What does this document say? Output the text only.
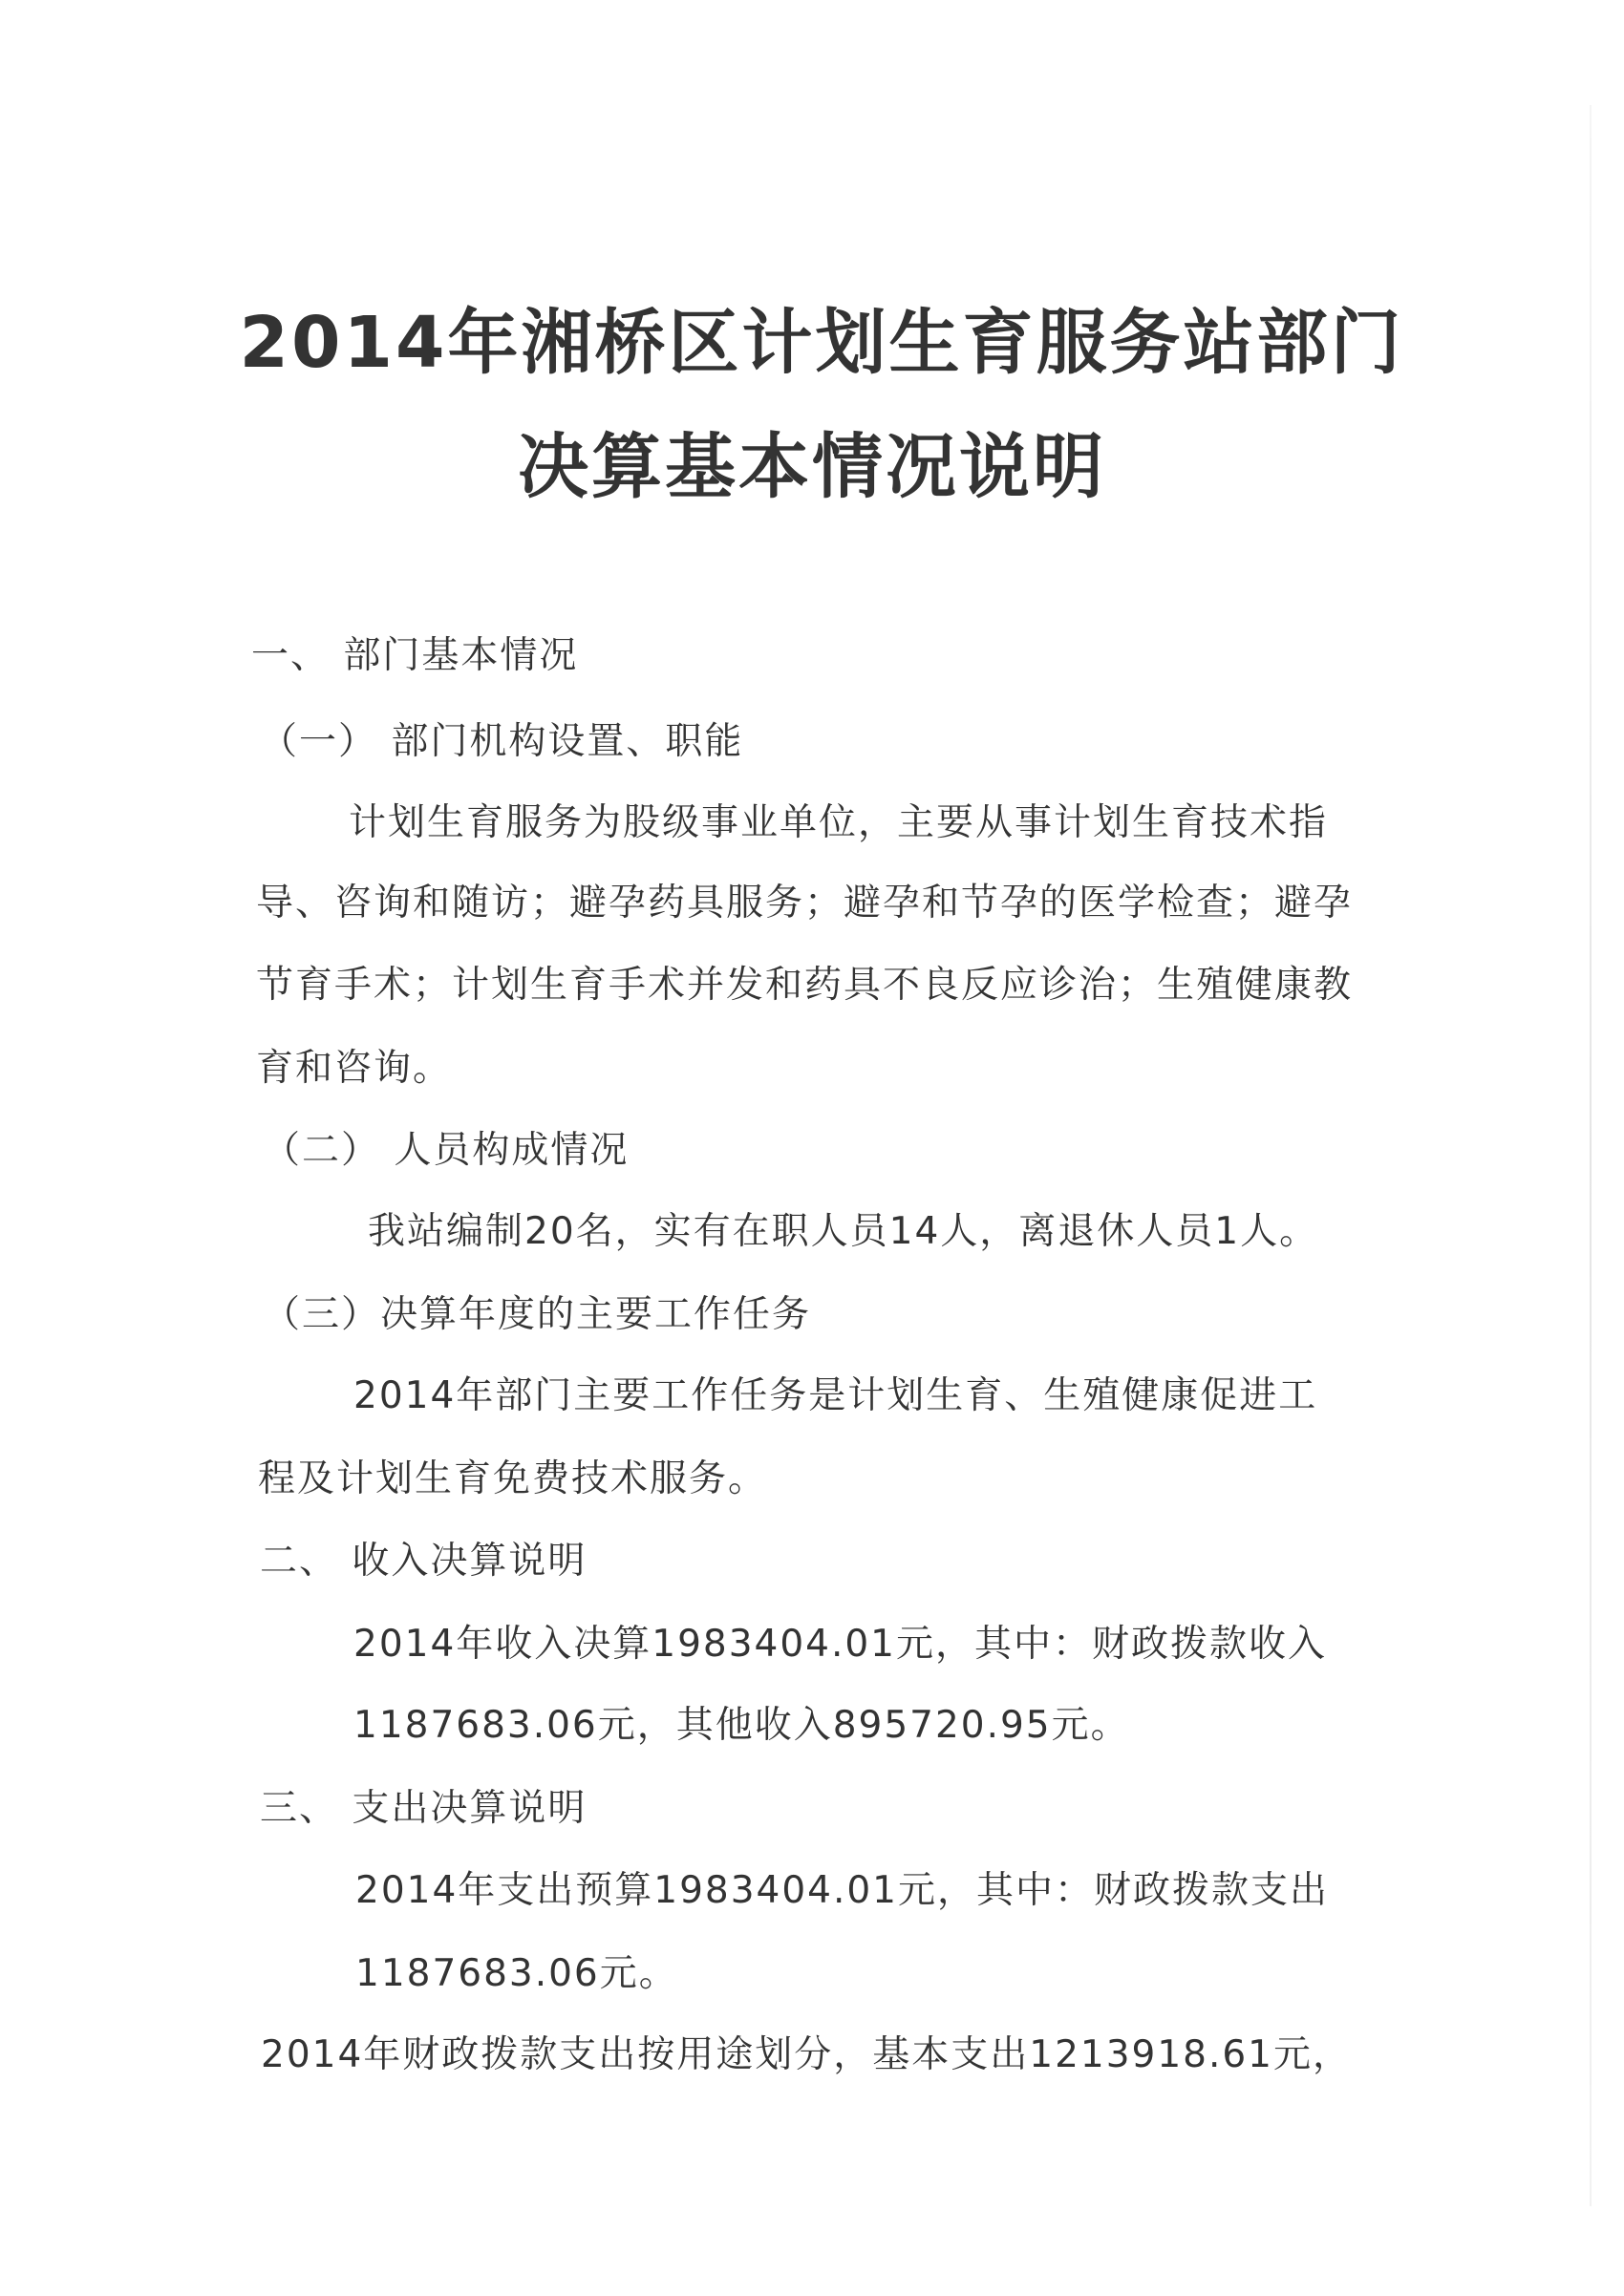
2014年湘桥区计划生育服务站部门
决算基本情况说明
一、 部门基本情况
（一） 部门机构设置、职能
计划生育服务为股级事业单位，主要从事计划生育技术指
导、咨询和随访；避孕药具服务；避孕和节孕的医学检查；避孕
节育手术；计划生育手术并发和药具不良反应诊治；生殖健康教
育和咨询。
（二） 人员构成情况
我站编制20名，实有在职人员14人，离退休人员1人。
（三）决算年度的主要工作任务
2014年部门主要工作任务是计划生育、生殖健康促进工
程及计划生育免费技术服务。
二、 收入决算说明
2014年收入决算1983404.01元，其中：财政拨款收入
1187683.06元，其他收入895720.95元。
三、 支出决算说明
2014年支出预算1983404.01元，其中：财政拨款支出
1187683.06元。
2014年财政拨款支出按用途划分，基本支出1213918.61元，
